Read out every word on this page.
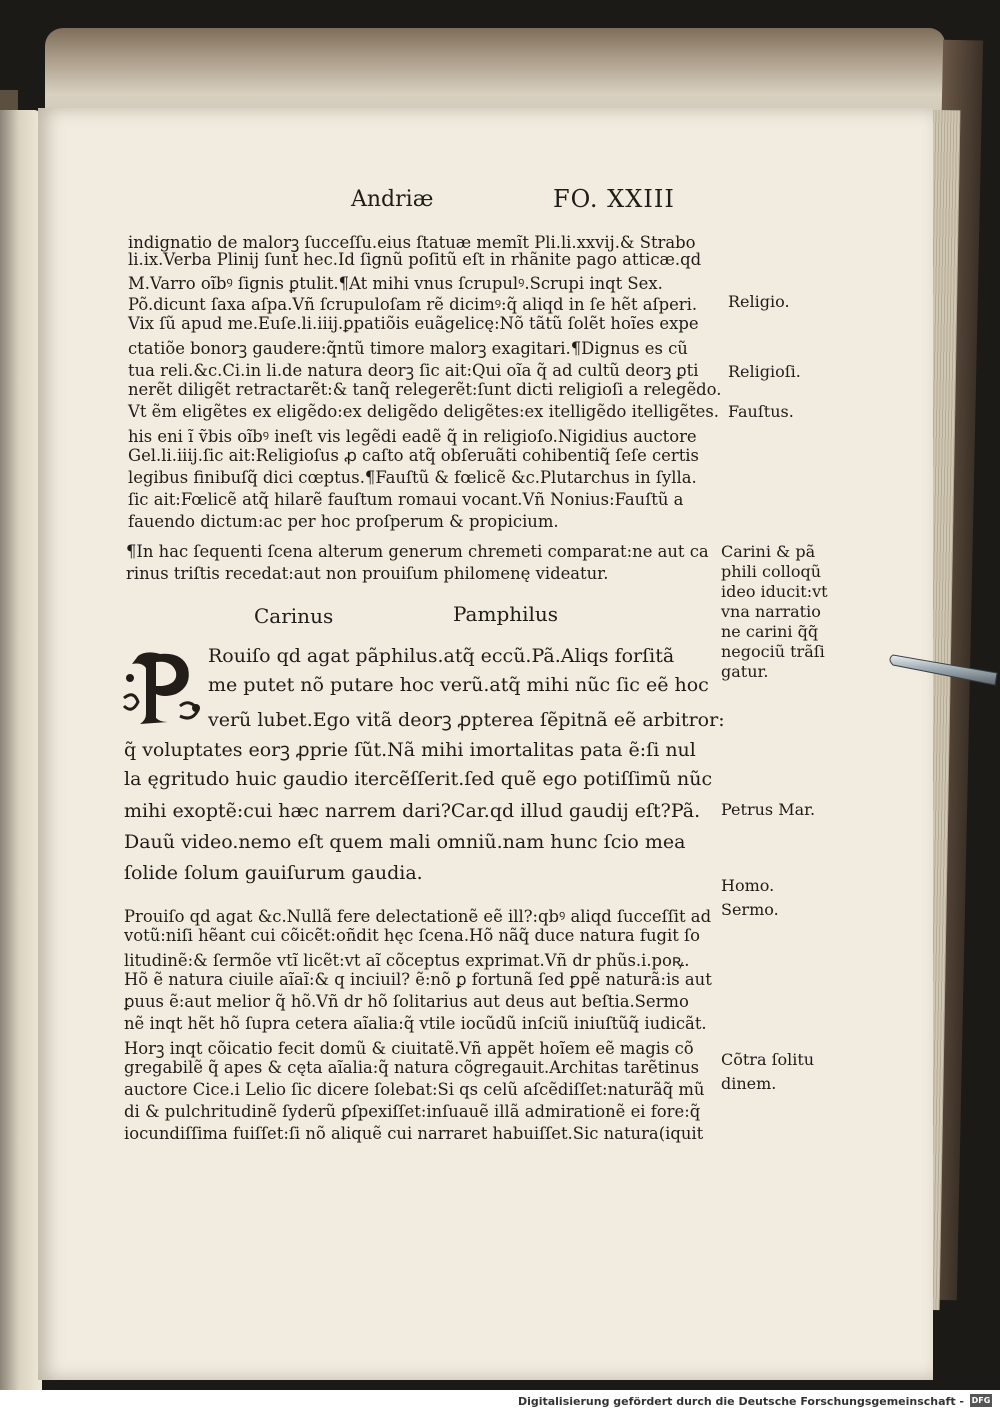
Andriæ	FO. XXIII
indignatio de malorꝫ ſucceſſu.eius ſtatuæ memĩt Pli.li.xxvij.& Strabo
li.ix.Verba Plinij ſunt hec.Id ſignũ poſitũ eſt in rhãnite pago atticæ.qd
M.Varro oĩbꝰ ſignis ꝑtulit.¶At mihi vnus ſcrupulꝰ.Scrupi inqt Sex.
Põ.dicunt ſaxa aſpa.Vñ ſcrupuloſam rẽ dicimꝰ:q̃ aliqd in ſe hẽt aſperi.
Vix ſũ apud me.Euſe.li.iiij.ꝑpatiõis euãgelicę:Nõ tãtũ ſolẽt hoĩes expe
ctatiõe bonorꝫ gaudere:q̃ntũ timore malorꝫ exagitari.¶Dignus es cũ
tua reli.&c.Ci.in li.de natura deorꝫ ſic ait:Qui oĩa q̃ ad cultũ deorꝫ ꝑti
nerẽt diligẽt retractarẽt:& tanq̃ relegerẽt:ſunt dicti religioſi a relegẽdo.
Vt ẽm eligẽtes ex eligẽdo:ex deligẽdo deligẽtes:ex itelligẽdo itelligẽtes.
his eni ĩ ṽbis oĩbꝰ ineſt vis legẽdi eadẽ q̃ in religioſo.Nigidius auctore
Gel.li.iiij.ſic ait:Religioſus ꝓ caſto atq̃ obſeruãti cohibentiq̃ ſeſe certis
legibus finibuſq̃ dici cœptus.¶Fauſtũ & fœlicẽ &c.Plutarchus in ſylla.
ſic ait:Fœlicẽ atq̃ hilarẽ fauſtum romaui vocant.Vñ Nonius:Fauſtũ a
fauendo dictum:ac per hoc proſperum & propicium.
¶In hac ſequenti ſcena alterum generum chremeti comparat:ne aut ca
rinus triſtis recedat:aut non prouiſum philomenę videatur.
Carinus	Pamphilus
Rouiſo qd agat pãphilus.atq̃ eccũ.Pã.Aliqs forſitã
me putet nõ putare hoc verũ.atq̃ mihi nũc ſic eẽ hoc
verũ lubet.Ego vitã deorꝫ ꝓpterea ſẽpitnã eẽ arbitror:
q̃ voluptates eorꝫ ꝓprie ſũt.Nã mihi imortalitas pata ẽ:ſi nul
la ęgritudo huic gaudio itercẽſſerit.ſed quẽ ego potiſſimũ nũc
mihi exoptẽ:cui hæc narrem dari?Car.qd illud gaudij eſt?Pã.
Dauũ video.nemo eſt quem mali omniũ.nam hunc ſcio mea
ſolide ſolum gauiſurum gaudia.
Prouiſo qd agat &c.Nullã fere delectationẽ eẽ ill?:qbꝰ aliqd ſucceſſit ad
votũ:niſi hẽant cui cõicẽt:oñdit hęc ſcena.Hõ nãq̃ duce natura fugit ſo
litudinẽ:& ſermõe vtĩ licẽt:vt aĩ cõceptus exprimat.Vñ dr phũs.i.poꝶ.
Hõ ẽ natura ciuile aĩaĩ:& q inciuil? ẽ:nõ ꝑ fortunã ſed ꝑpẽ naturã:is aut
ꝑuus ẽ:aut melior q̃ hõ.Vñ dr hõ ſolitarius aut deus aut beſtia.Sermo
nẽ inqt hẽt hõ ſupra cetera aĩalia:q̃ vtile iocũdũ inſciũ iniuſtũq̃ iudicãt.
Horꝫ inqt cõicatio fecit domũ & ciuitatẽ.Vñ appẽt hoĩem eẽ magis cõ
gregabilẽ q̃ apes & cęta aĩalia:q̃ natura cõgregauit.Architas tarẽtinus
auctore Cice.i Lelio ſic dicere ſolebat:Si qs celũ aſcẽdiſſet:naturãq̃ mũ
di & pulchritudinẽ ſyderũ ꝑſpexiſſet:inſuauẽ illã admirationẽ ei fore:q̃
iocundiſſima fuiſſet:ſi nõ aliquẽ cui narraret habuiſſet.Sic natura(iquit
Religio.
Religioſi.
Fauſtus.
Carini & pã
phili colloqũ
ideo iducit:vt
vna narratio
ne carini q̃q̃
negociũ trãſi
gatur.
Petrus Mar.
Homo.
Sermo.
Cõtra ſolitu
dinem.
Digitalisierung gefördert durch die Deutsche Forschungsgemeinschaft - DFG
